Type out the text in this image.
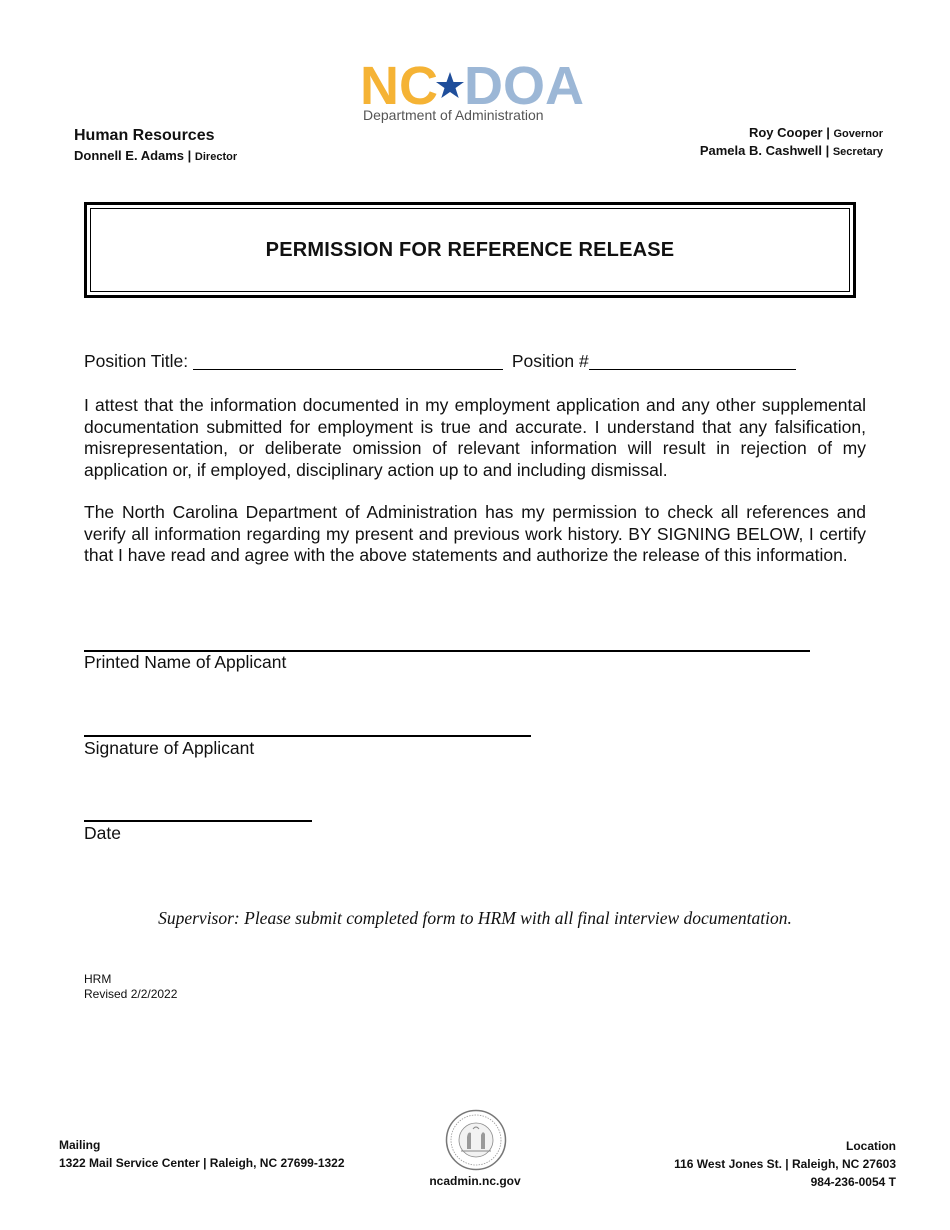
NC DOA
Department of Administration
Human Resources
Donnell E. Adams | Director
Roy Cooper | Governor
Pamela B. Cashwell | Secretary
PERMISSION FOR REFERENCE RELEASE
Position Title:	Position #
I attest that the information documented in my employment application and any other supplemental documentation submitted for employment is true and accurate. I understand that any falsification, misrepresentation, or deliberate omission of relevant information will result in rejection of my application or, if employed, disciplinary action up to and including dismissal.
The North Carolina Department of Administration has my permission to check all references and verify all information regarding my present and previous work history. BY SIGNING BELOW, I certify that I have read and agree with the above statements and authorize the release of this information.
Printed Name of Applicant
Signature of Applicant
Date
Supervisor: Please submit completed form to HRM with all final interview documentation.
HRM
Revised 2/2/2022
Mailing
1322 Mail Service Center | Raleigh, NC 27699-1322
ncadmin.nc.gov
Location
116 West Jones St. | Raleigh, NC 27603
984-236-0054 T
